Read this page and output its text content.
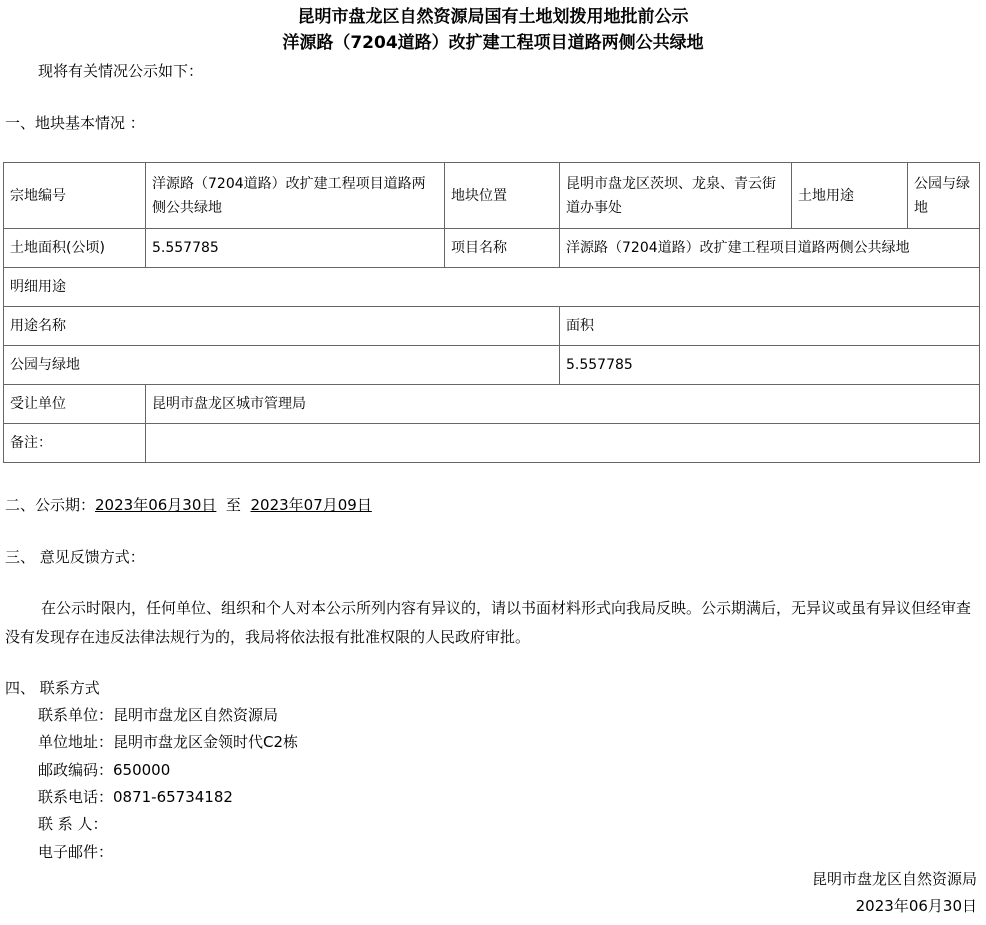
昆明市盘龙区自然资源局国有土地划拨用地批前公示
洋源路（7204道路）改扩建工程项目道路两侧公共绿地
现将有关情况公示如下：
一、地块基本情况 ：
宗地编号	洋源路（7204道路）改扩建工程项目道路两侧公共绿地	地块位置	昆明市盘龙区茨坝、龙泉、青云街道办事处	土地用途	公园与绿地
土地面积(公顷)	5.557785	项目名称	洋源路（7204道路）改扩建工程项目道路两侧公共绿地		
明细用途					
用途名称			面积		
公园与绿地			5.557785		
受让单位	昆明市盘龙区城市管理局				
备注：					
二、公示期：2023年06月30日 至 2023年07月09日
三、 意见反馈方式：
在公示时限内，任何单位、组织和个人对本公示所列内容有异议的，请以书面材料形式向我局反映。公示期满后，无异议或虽有异议但经审查没有发现存在违反法律法规行为的，我局将依法报有批准权限的人民政府审批。
四、 联系方式
联系单位：昆明市盘龙区自然资源局
单位地址：昆明市盘龙区金领时代C2栋
邮政编码：650000
联系电话：0871-65734182
联 系 人：
电子邮件：
昆明市盘龙区自然资源局
2023年06月30日
